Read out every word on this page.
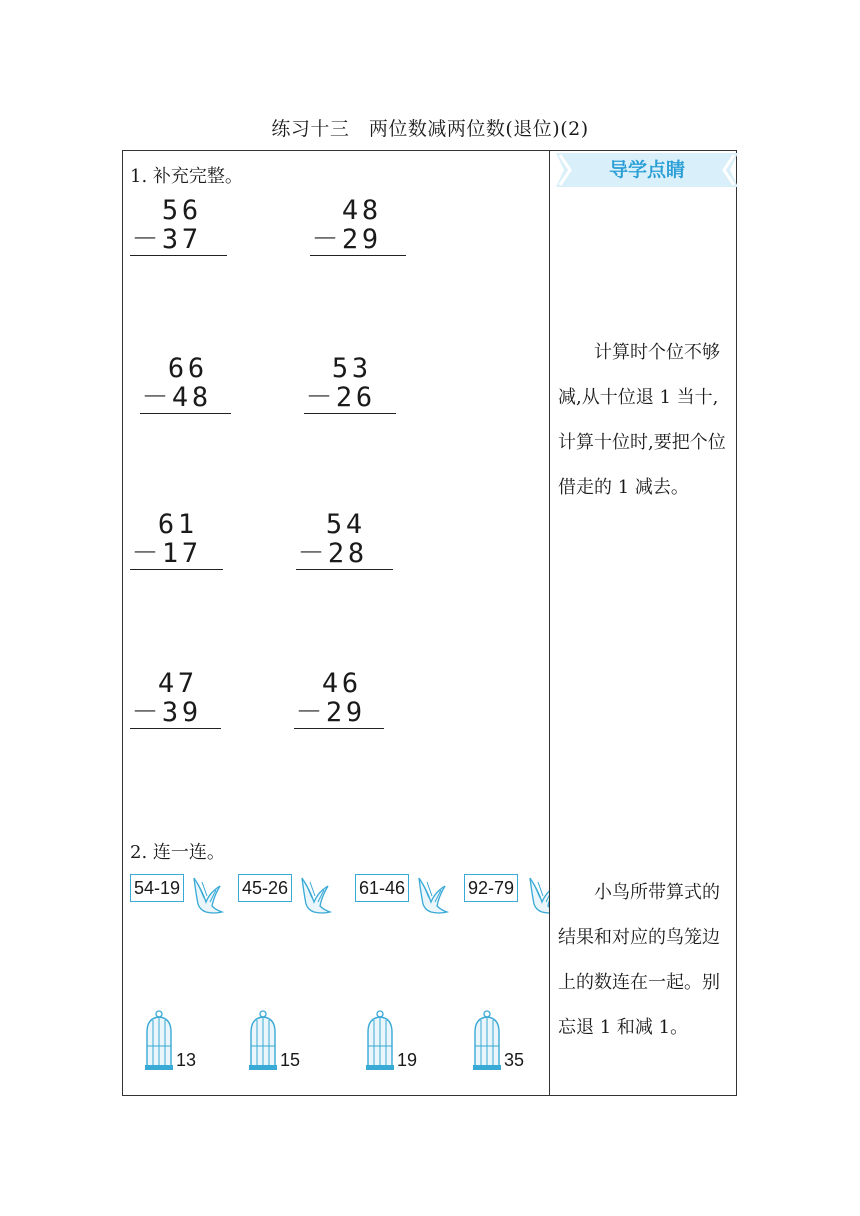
练习十三　两位数减两位数(退位)(2)
1. 补充完整。
5 6
－ 3 7
4 8
－ 2 9
6 6
－ 4 8
5 3
－ 2 6
6 1
－ 1 7
5 4
－ 2 8
4 7
－ 3 9
4 6
－ 2 9
2. 连一连。
54-19	45-26	61-46	92-79
13	15	19	35
导学点睛
计算时个位不够减,从十位退 1 当十,计算十位时,要把个位借走的 1 减去。
小鸟所带算式的结果和对应的鸟笼边上的数连在一起。别忘退 1 和减 1。
